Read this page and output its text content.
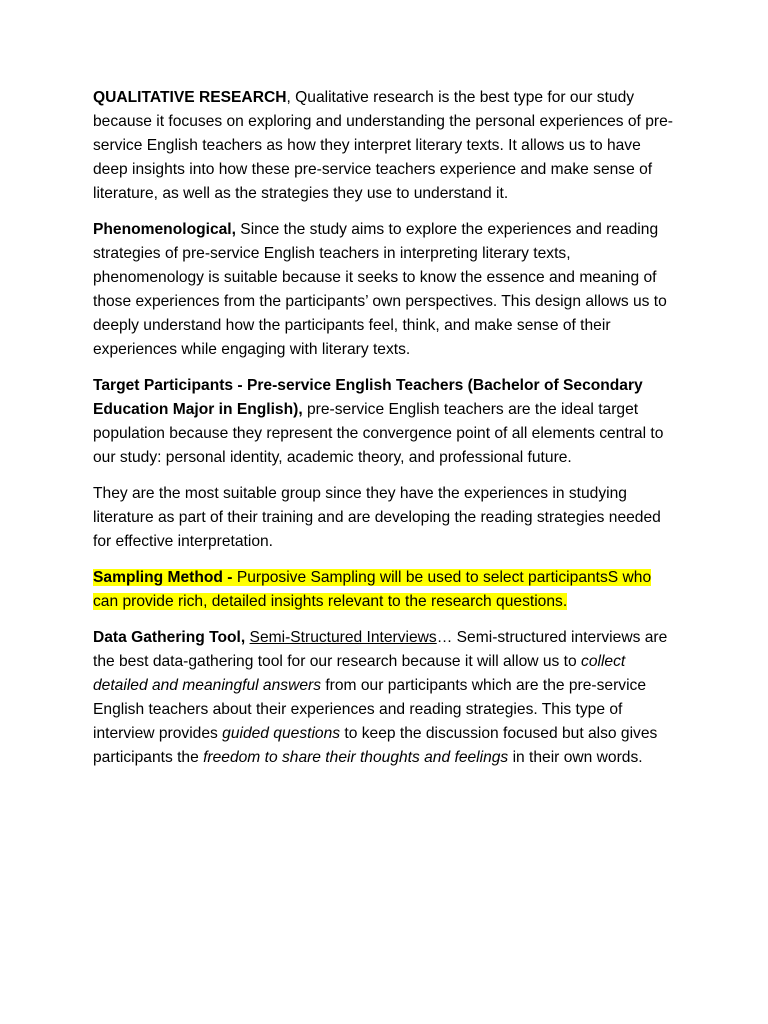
QUALITATIVE RESEARCH, Qualitative research is the best type for our study because it focuses on exploring and understanding the personal experiences of pre-service English teachers as how they interpret literary texts. It allows us to have deep insights into how these pre-service teachers experience and make sense of literature, as well as the strategies they use to understand it.

Phenomenological, Since the study aims to explore the experiences and reading strategies of pre-service English teachers in interpreting literary texts, phenomenology is suitable because it seeks to know the essence and meaning of those experiences from the participants’ own perspectives. This design allows us to deeply understand how the participants feel, think, and make sense of their experiences while engaging with literary texts.

Target Participants - Pre-service English Teachers (Bachelor of Secondary Education Major in English), pre-service English teachers are the ideal target population because they represent the convergence point of all elements central to our study: personal identity, academic theory, and professional future.

They are the most suitable group since they have the experiences in studying literature as part of their training and are developing the reading strategies needed for effective interpretation.

Sampling Method - Purposive Sampling will be used to select participantsS who can provide rich, detailed insights relevant to the research questions.

Data Gathering Tool, Semi-Structured Interviews… Semi-structured interviews are the best data-gathering tool for our research because it will allow us to collect detailed and meaningful answers from our participants which are the pre-service English teachers about their experiences and reading strategies. This type of interview provides guided questions to keep the discussion focused but also gives participants the freedom to share their thoughts and feelings in their own words.
